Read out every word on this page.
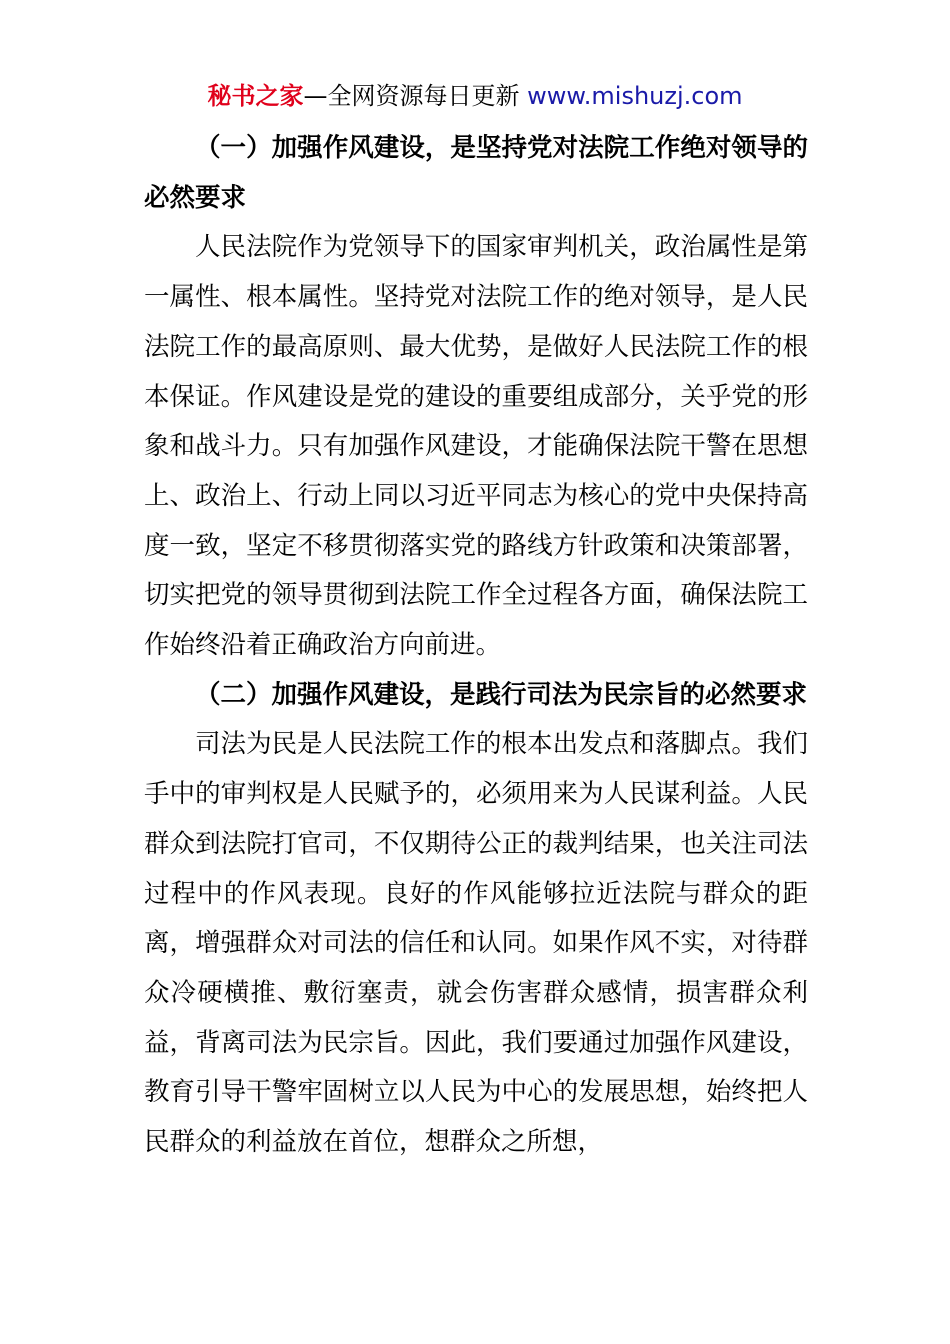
秘书之家—全网资源每日更新 www.mishuzj.com

（一）加强作风建设，是坚持党对法院工作绝对领导的必然要求

人民法院作为党领导下的国家审判机关，政治属性是第一属性、根本属性。坚持党对法院工作的绝对领导，是人民法院工作的最高原则、最大优势，是做好人民法院工作的根本保证。作风建设是党的建设的重要组成部分，关乎党的形象和战斗力。只有加强作风建设，才能确保法院干警在思想上、政治上、行动上同以习近平同志为核心的党中央保持高度一致，坚定不移贯彻落实党的路线方针政策和决策部署，切实把党的领导贯彻到法院工作全过程各方面，确保法院工作始终沿着正确政治方向前进。

（二）加强作风建设，是践行司法为民宗旨的必然要求

司法为民是人民法院工作的根本出发点和落脚点。我们手中的审判权是人民赋予的，必须用来为人民谋利益。人民群众到法院打官司，不仅期待公正的裁判结果，也关注司法过程中的作风表现。良好的作风能够拉近法院与群众的距离，增强群众对司法的信任和认同。如果作风不实，对待群众冷硬横推、敷衍塞责，就会伤害群众感情，损害群众利益，背离司法为民宗旨。因此，我们要通过加强作风建设，教育引导干警牢固树立以人民为中心的发展思想，始终把人民群众的利益放在首位，想群众之所想，
